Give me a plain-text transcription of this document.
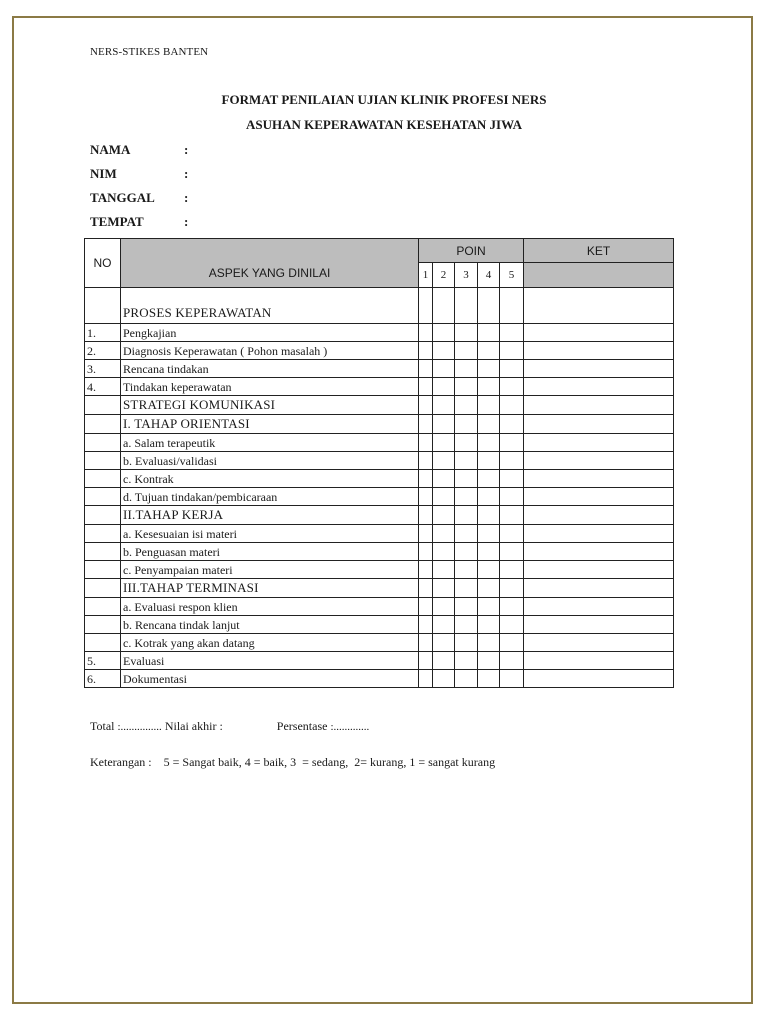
NERS-STIKES BANTEN
FORMAT PENILAIAN UJIAN KLINIK PROFESI NERS
ASUHAN KEPERAWATAN KESEHATAN JIWA
NAMA	:
NIM	:
TANGGAL :
TEMPAT	:
NO	ASPEK YANG DINILAI	POIN					KET
		1	2	3	4	5	
	PROSES KEPERAWATAN						
1.	Pengkajian						
2.	Diagnosis Keperawatan ( Pohon masalah )						
3.	Rencana tindakan						
4.	Tindakan keperawatan						
	STRATEGI KOMUNIKASI						
	I. TAHAP ORIENTASI						
	a. Salam terapeutik						
	b. Evaluasi/validasi						
	c. Kontrak						
	d. Tujuan tindakan/pembicaraan						
	II.TAHAP KERJA						
	a. Kesesuaian isi materi						
	b. Penguasan materi						
	c. Penyampaian materi						
	III.TAHAP TERMINASI						
	a. Evaluasi respon klien						
	b. Rencana tindak lanjut						
	c. Kotrak yang akan datang						
5.	Evaluasi						
6.	Dokumentasi						
Total :............... Nilai akhir :	Persentase :.............
Keterangan :    5 = Sangat baik, 4 = baik, 3  = sedang,  2= kurang, 1 = sangat kurang
